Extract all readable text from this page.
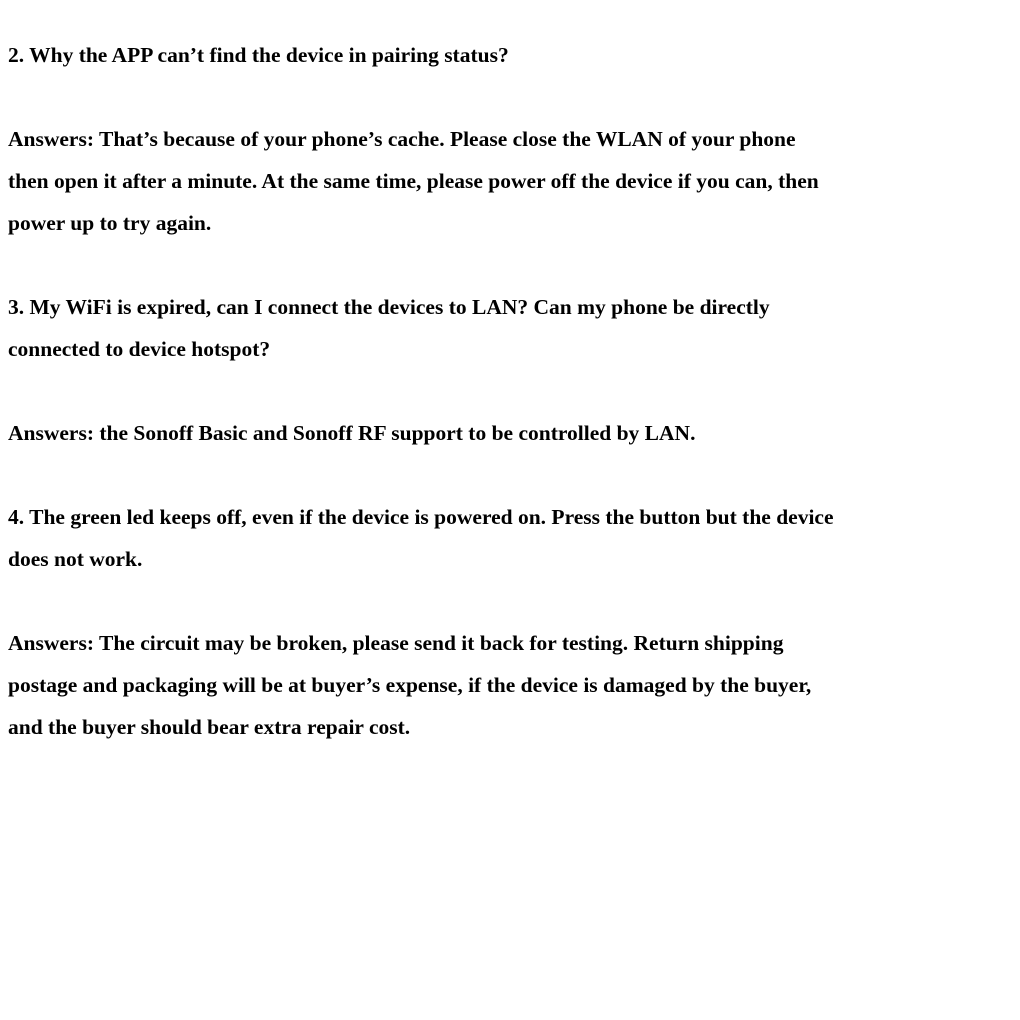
2. Why the APP can’t find the device in pairing status?

Answers: That’s because of your phone’s cache. Please close the WLAN of your phone
then open it after a minute. At the same time, please power off the device if you can, then
power up to try again.

3. My WiFi is expired, can I connect the devices to LAN? Can my phone be directly
connected to device hotspot?

Answers: the Sonoff Basic and Sonoff RF support to be controlled by LAN.

4. The green led keeps off, even if the device is powered on. Press the button but the device
does not work.

Answers: The circuit may be broken, please send it back for testing. Return shipping
postage and packaging will be at buyer’s expense, if the device is damaged by the buyer,
and the buyer should bear extra repair cost.
